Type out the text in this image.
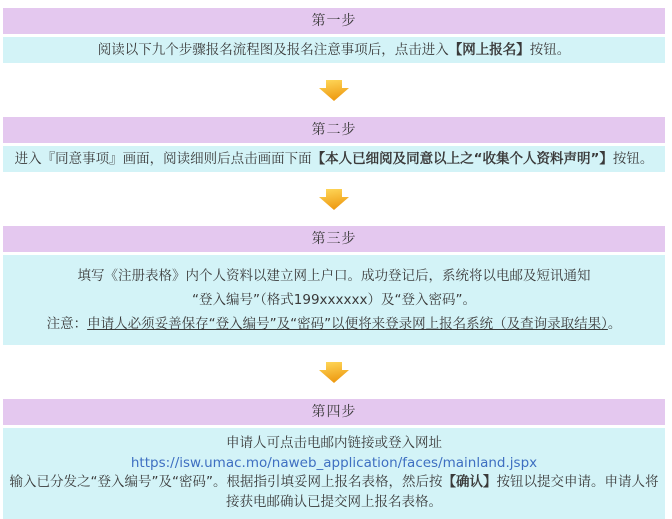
第一步
阅读以下九个步骤报名流程图及报名注意事项后，点击进入【网上报名】按钮。
第二步
进入『同意事项』画面，阅读细则后点击画面下面【本人已细阅及同意以上之“收集个人资料声明”】按钮。
第三步

填写《注册表格》内个人资料以建立网上户口。成功登记后，系统将以电邮及短讯通知

“登入编号”（格式199xxxxxx）及“登入密码”。

注意：申请人必须妥善保存“登入编号”及“密码”以便将来登录网上报名系统（及查询录取结果）。

第四步
申请人可点击电邮内链接或登入网址
https://isw.umac.mo/naweb_application/faces/mainland.jspx
输入已分发之“登入编号”及“密码”。根据指引填妥网上报名表格，然后按【确认】按钮以提交申请。申请人将接获电邮确认已提交网上报名表格。
